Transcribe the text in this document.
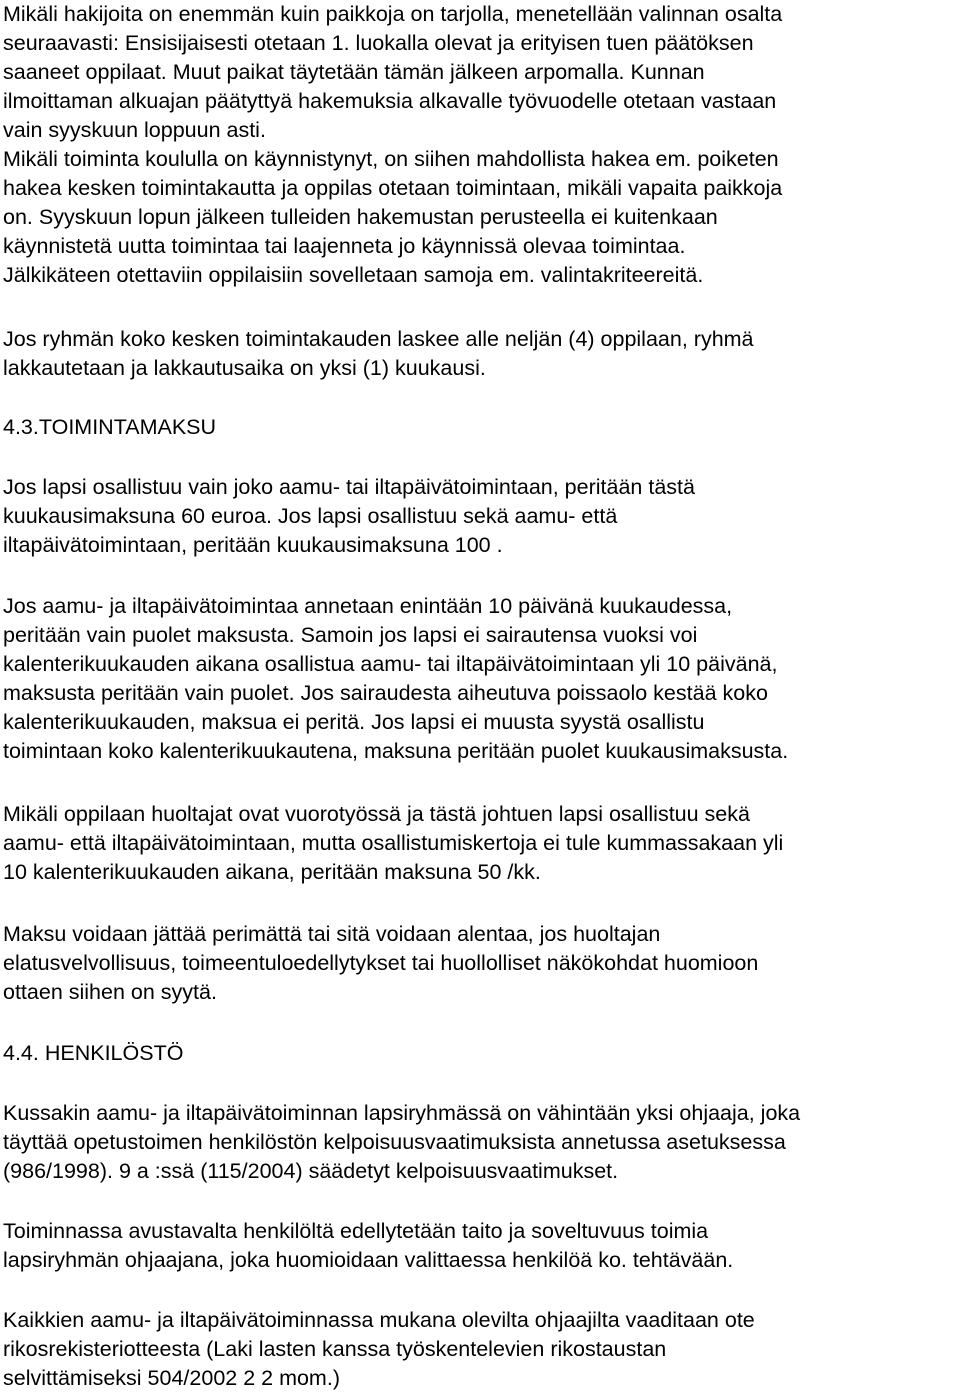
Mikäli hakijoita on enemmän kuin paikkoja on tarjolla, menetellään valinnan osalta
seuraavasti: Ensisijaisesti otetaan 1. luokalla olevat ja erityisen tuen päätöksen
saaneet oppilaat. Muut paikat täytetään tämän jälkeen arpomalla. Kunnan
ilmoittaman alkuajan päätyttyä hakemuksia alkavalle työvuodelle otetaan vastaan
vain syyskuun loppuun asti.
Mikäli toiminta koululla on käynnistynyt, on siihen mahdollista hakea em. poiketen
hakea kesken toimintakautta ja oppilas otetaan toimintaan, mikäli vapaita paikkoja
on. Syyskuun lopun jälkeen tulleiden hakemustan perusteella ei kuitenkaan
käynnistetä uutta toimintaa tai laajenneta jo käynnissä olevaa toimintaa.
Jälkikäteen otettaviin oppilaisiin sovelletaan samoja em. valintakriteereitä.
Jos ryhmän koko kesken toimintakauden laskee alle neljän (4) oppilaan, ryhmä
lakkautetaan ja lakkautusaika on yksi (1) kuukausi.
4.3.TOIMINTAMAKSU
Jos lapsi osallistuu vain joko aamu- tai iltapäivätoimintaan, peritään tästä
kuukausimaksuna 60 euroa. Jos lapsi osallistuu sekä aamu- että
iltapäivätoimintaan, peritään kuukausimaksuna 100 .
Jos aamu- ja iltapäivätoimintaa annetaan enintään 10 päivänä kuukaudessa,
peritään vain puolet maksusta. Samoin jos lapsi ei sairautensa vuoksi voi
kalenterikuukauden aikana osallistua aamu- tai iltapäivätoimintaan yli 10 päivänä,
maksusta peritään vain puolet. Jos sairaudesta aiheutuva poissaolo kestää koko
kalenterikuukauden, maksua ei peritä. Jos lapsi ei muusta syystä osallistu
toimintaan koko kalenterikuukautena, maksuna peritään puolet kuukausimaksusta.
Mikäli oppilaan huoltajat ovat vuorotyössä ja tästä johtuen lapsi osallistuu sekä
aamu- että iltapäivätoimintaan, mutta osallistumiskertoja ei tule kummassakaan yli
10 kalenterikuukauden aikana, peritään maksuna 50 /kk.
Maksu voidaan jättää perimättä tai sitä voidaan alentaa, jos huoltajan
elatusvelvollisuus, toimeentuloedellytykset tai huollolliset näkökohdat huomioon
ottaen siihen on syytä.
4.4. HENKILÖSTÖ
Kussakin aamu- ja iltapäivätoiminnan lapsiryhmässä on vähintään yksi ohjaaja, joka
täyttää opetustoimen henkilöstön kelpoisuusvaatimuksista annetussa asetuksessa
(986/1998). 9 a :ssä (115/2004) säädetyt kelpoisuusvaatimukset.
Toiminnassa avustavalta henkilöltä edellytetään taito ja soveltuvuus toimia
lapsiryhmän ohjaajana, joka huomioidaan valittaessa henkilöä ko. tehtävään.
Kaikkien aamu- ja iltapäivätoiminnassa mukana olevilta ohjaajilta vaaditaan ote
rikosrekisteriotteesta (Laki lasten kanssa työskentelevien rikostaustan
selvittämiseksi 504/2002 2 2 mom.)
